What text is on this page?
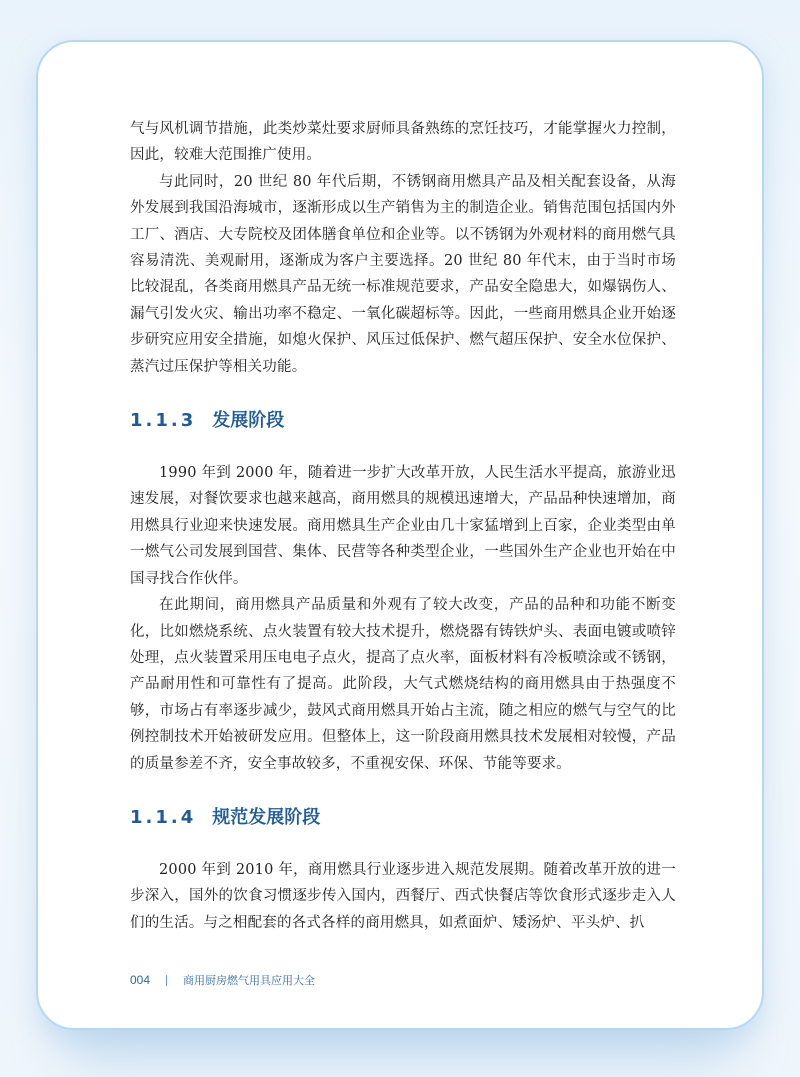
气与风机调节措施，此类炒菜灶要求厨师具备熟练的烹饪技巧，才能掌握火力控制，因此，较难大范围推广使用。

与此同时，20 世纪 80 年代后期，不锈钢商用燃具产品及相关配套设备，从海外发展到我国沿海城市，逐渐形成以生产销售为主的制造企业。销售范围包括国内外工厂、酒店、大专院校及团体膳食单位和企业等。以不锈钢为外观材料的商用燃气具容易清洗、美观耐用，逐渐成为客户主要选择。20 世纪 80 年代末，由于当时市场比较混乱，各类商用燃具产品无统一标准规范要求，产品安全隐患大，如爆锅伤人、漏气引发火灾、输出功率不稳定、一氧化碳超标等。因此，一些商用燃具企业开始逐步研究应用安全措施，如熄火保护、风压过低保护、燃气超压保护、安全水位保护、蒸汽过压保护等相关功能。

1.1.3 发展阶段

1990 年到 2000 年，随着进一步扩大改革开放，人民生活水平提高，旅游业迅速发展，对餐饮要求也越来越高，商用燃具的规模迅速增大，产品品种快速增加，商用燃具行业迎来快速发展。商用燃具生产企业由几十家猛增到上百家，企业类型由单一燃气公司发展到国营、集体、民营等各种类型企业，一些国外生产企业也开始在中国寻找合作伙伴。

在此期间，商用燃具产品质量和外观有了较大改变，产品的品种和功能不断变化，比如燃烧系统、点火装置有较大技术提升，燃烧器有铸铁炉头、表面电镀或喷锌处理，点火装置采用压电电子点火，提高了点火率，面板材料有冷板喷涂或不锈钢，产品耐用性和可靠性有了提高。此阶段，大气式燃烧结构的商用燃具由于热强度不够，市场占有率逐步减少，鼓风式商用燃具开始占主流，随之相应的燃气与空气的比例控制技术开始被研发应用。但整体上，这一阶段商用燃具技术发展相对较慢，产品的质量参差不齐，安全事故较多，不重视安保、环保、节能等要求。

1.1.4 规范发展阶段

2000 年到 2010 年，商用燃具行业逐步进入规范发展期。随着改革开放的进一步深入，国外的饮食习惯逐步传入国内，西餐厅、西式快餐店等饮食形式逐步走入人们的生活。与之相配套的各式各样的商用燃具，如煮面炉、矮汤炉、平头炉、扒

004	商用厨房燃气用具应用大全
